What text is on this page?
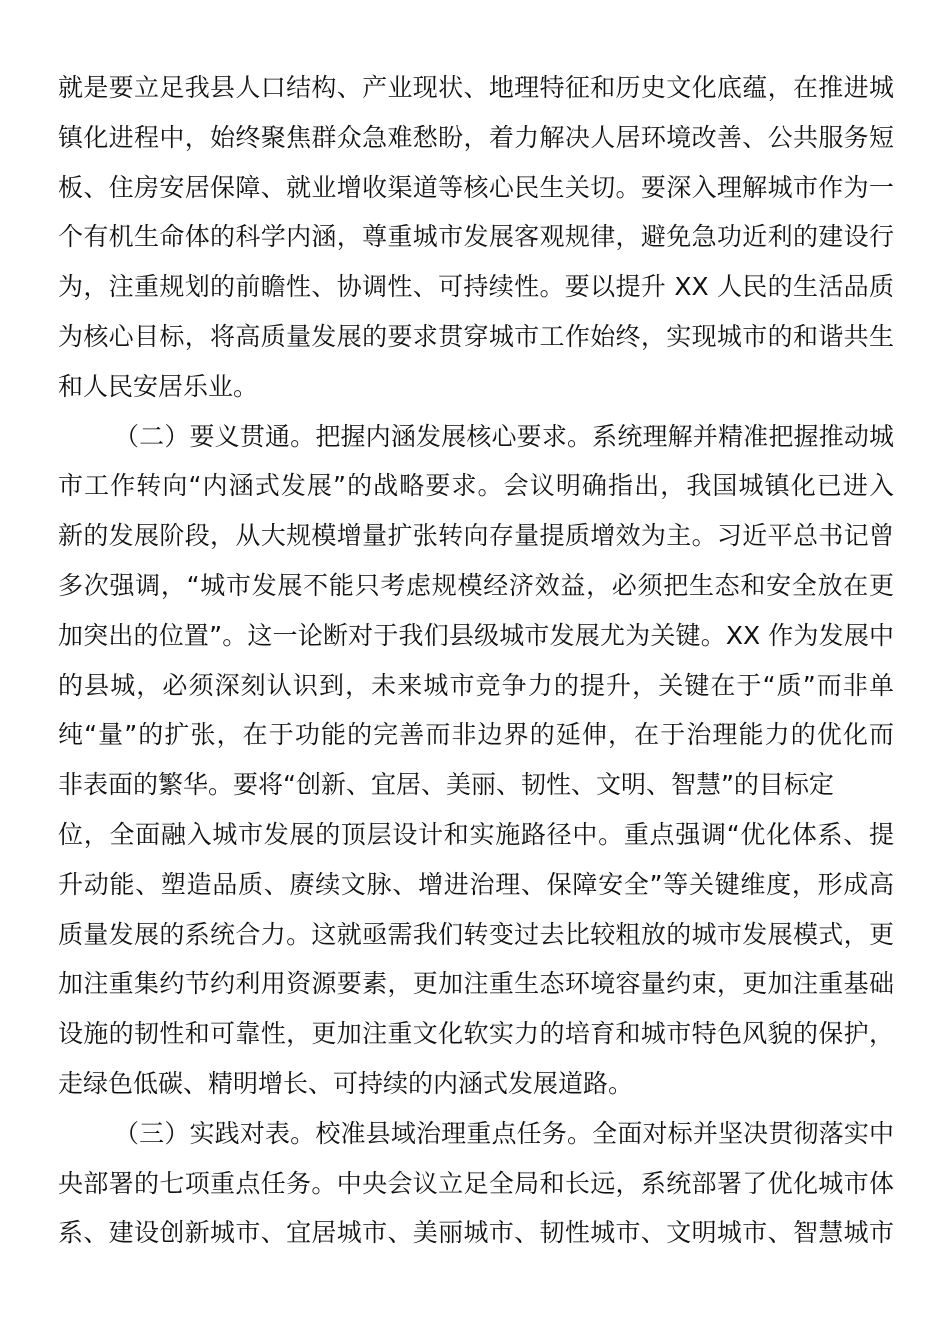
就是要立足我县人口结构、产业现状、地理特征和历史文化底蕴，在推进城
镇化进程中，始终聚焦群众急难愁盼，着力解决人居环境改善、公共服务短
板、住房安居保障、就业增收渠道等核心民生关切。要深入理解城市作为一
个有机生命体的科学内涵，尊重城市发展客观规律，避免急功近利的建设行
为，注重规划的前瞻性、协调性、可持续性。要以提升 XX 人民的生活品质
为核心目标，将高质量发展的要求贯穿城市工作始终，实现城市的和谐共生
和人民安居乐业。
（二）要义贯通。把握内涵发展核心要求。系统理解并精准把握推动城
市工作转向“内涵式发展”的战略要求。会议明确指出，我国城镇化已进入
新的发展阶段，从大规模增量扩张转向存量提质增效为主。习近平总书记曾
多次强调，“城市发展不能只考虑规模经济效益，必须把生态和安全放在更
加突出的位置”。这一论断对于我们县级城市发展尤为关键。XX 作为发展中
的县城，必须深刻认识到，未来城市竞争力的提升，关键在于“质”而非单
纯“量”的扩张，在于功能的完善而非边界的延伸，在于治理能力的优化而
非表面的繁华。要将“创新、宜居、美丽、韧性、文明、智慧”的目标定
位，全面融入城市发展的顶层设计和实施路径中。重点强调“优化体系、提
升动能、塑造品质、赓续文脉、增进治理、保障安全”等关键维度，形成高
质量发展的系统合力。这就亟需我们转变过去比较粗放的城市发展模式，更
加注重集约节约利用资源要素，更加注重生态环境容量约束，更加注重基础
设施的韧性和可靠性，更加注重文化软实力的培育和城市特色风貌的保护，
走绿色低碳、精明增长、可持续的内涵式发展道路。
（三）实践对表。校准县域治理重点任务。全面对标并坚决贯彻落实中
央部署的七项重点任务。中央会议立足全局和长远，系统部署了优化城市体
系、建设创新城市、宜居城市、美丽城市、韧性城市、文明城市、智慧城市
